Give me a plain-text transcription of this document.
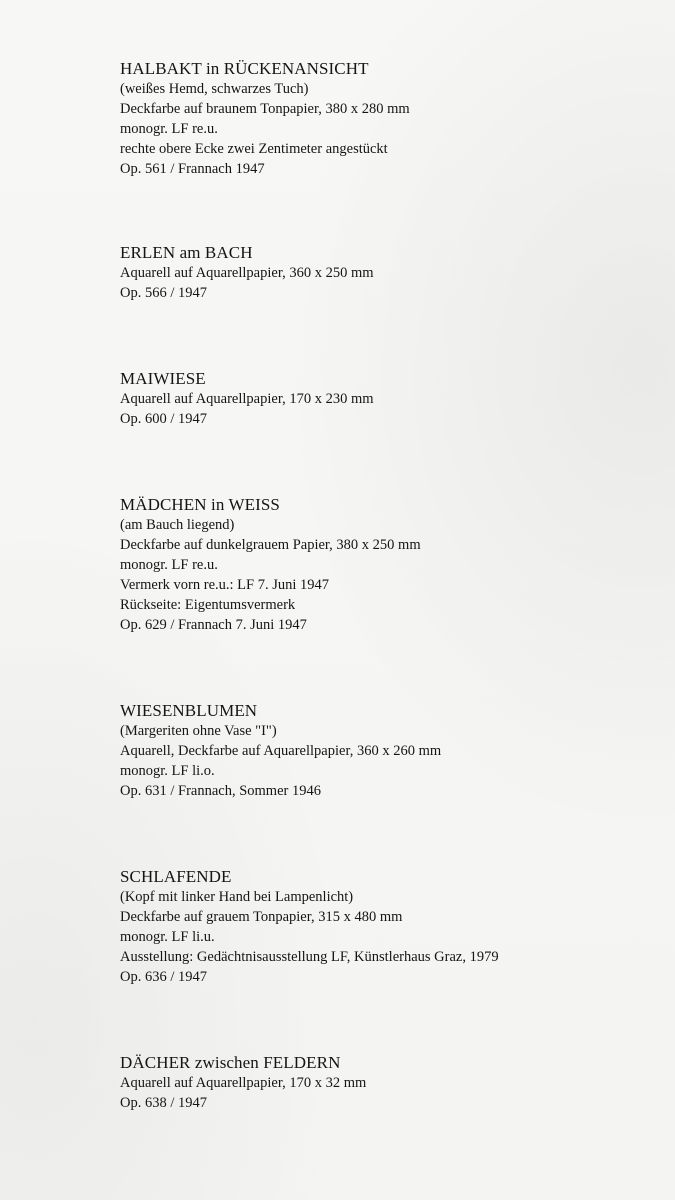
HALBAKT in RÜCKENANSICHT
(weißes Hemd, schwarzes Tuch)
Deckfarbe auf braunem Tonpapier, 380 x 280 mm
monogr. LF re.u.
rechte obere Ecke zwei Zentimeter angestückt
Op. 561 / Frannach 1947
ERLEN am BACH
Aquarell auf Aquarellpapier, 360 x 250 mm
Op. 566 / 1947
MAIWIESE
Aquarell auf Aquarellpapier, 170 x 230 mm
Op. 600 / 1947
MÄDCHEN in WEISS
(am Bauch liegend)
Deckfarbe auf dunkelgrauem Papier, 380 x 250 mm
monogr. LF re.u.
Vermerk vorn re.u.: LF 7. Juni 1947
Rückseite: Eigentumsvermerk
Op. 629 / Frannach 7. Juni 1947
WIESENBLUMEN
(Margeriten ohne Vase "I")
Aquarell, Deckfarbe auf Aquarellpapier, 360 x 260 mm
monogr. LF li.o.
Op. 631 / Frannach, Sommer 1946
SCHLAFENDE
(Kopf mit linker Hand bei Lampenlicht)
Deckfarbe auf grauem Tonpapier, 315 x 480 mm
monogr. LF li.u.
Ausstellung: Gedächtnisausstellung LF, Künstlerhaus Graz, 1979
Op. 636 / 1947
DÄCHER zwischen FELDERN
Aquarell auf Aquarellpapier, 170 x 32 mm
Op. 638 / 1947
